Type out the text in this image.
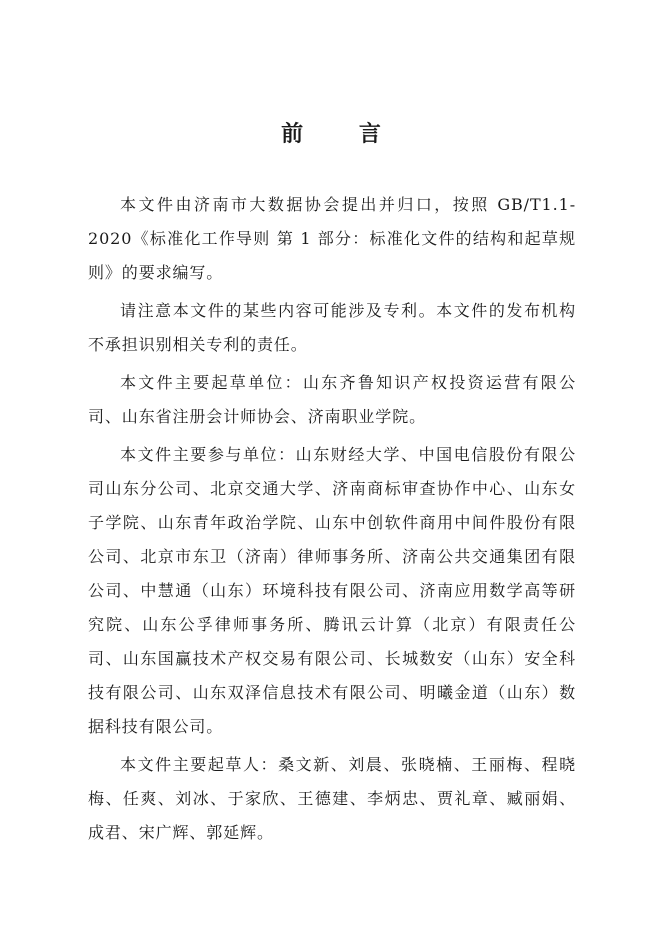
前 言

本文件由济南市大数据协会提出并归口，按照 GB/T1.1-2020《标准化工作导则 第 1 部分：标准化文件的结构和起草规则》的要求编写。

请注意本文件的某些内容可能涉及专利。本文件的发布机构不承担识别相关专利的责任。

本文件主要起草单位：山东齐鲁知识产权投资运营有限公司、山东省注册会计师协会、济南职业学院。

本文件主要参与单位：山东财经大学、中国电信股份有限公司山东分公司、北京交通大学、济南商标审查协作中心、山东女子学院、山东青年政治学院、山东中创软件商用中间件股份有限公司、北京市东卫（济南）律师事务所、济南公共交通集团有限公司、中慧通（山东）环境科技有限公司、济南应用数学高等研究院、山东公孚律师事务所、腾讯云计算（北京）有限责任公司、山东国赢技术产权交易有限公司、长城数安（山东）安全科技有限公司、山东双泽信息技术有限公司、明曦金道（山东）数据科技有限公司。

本文件主要起草人：桑文新、刘晨、张晓楠、王丽梅、程晓梅、任爽、刘冰、于家欣、王德建、李炳忠、贾礼章、臧丽娟、成君、宋广辉、郭延辉。
